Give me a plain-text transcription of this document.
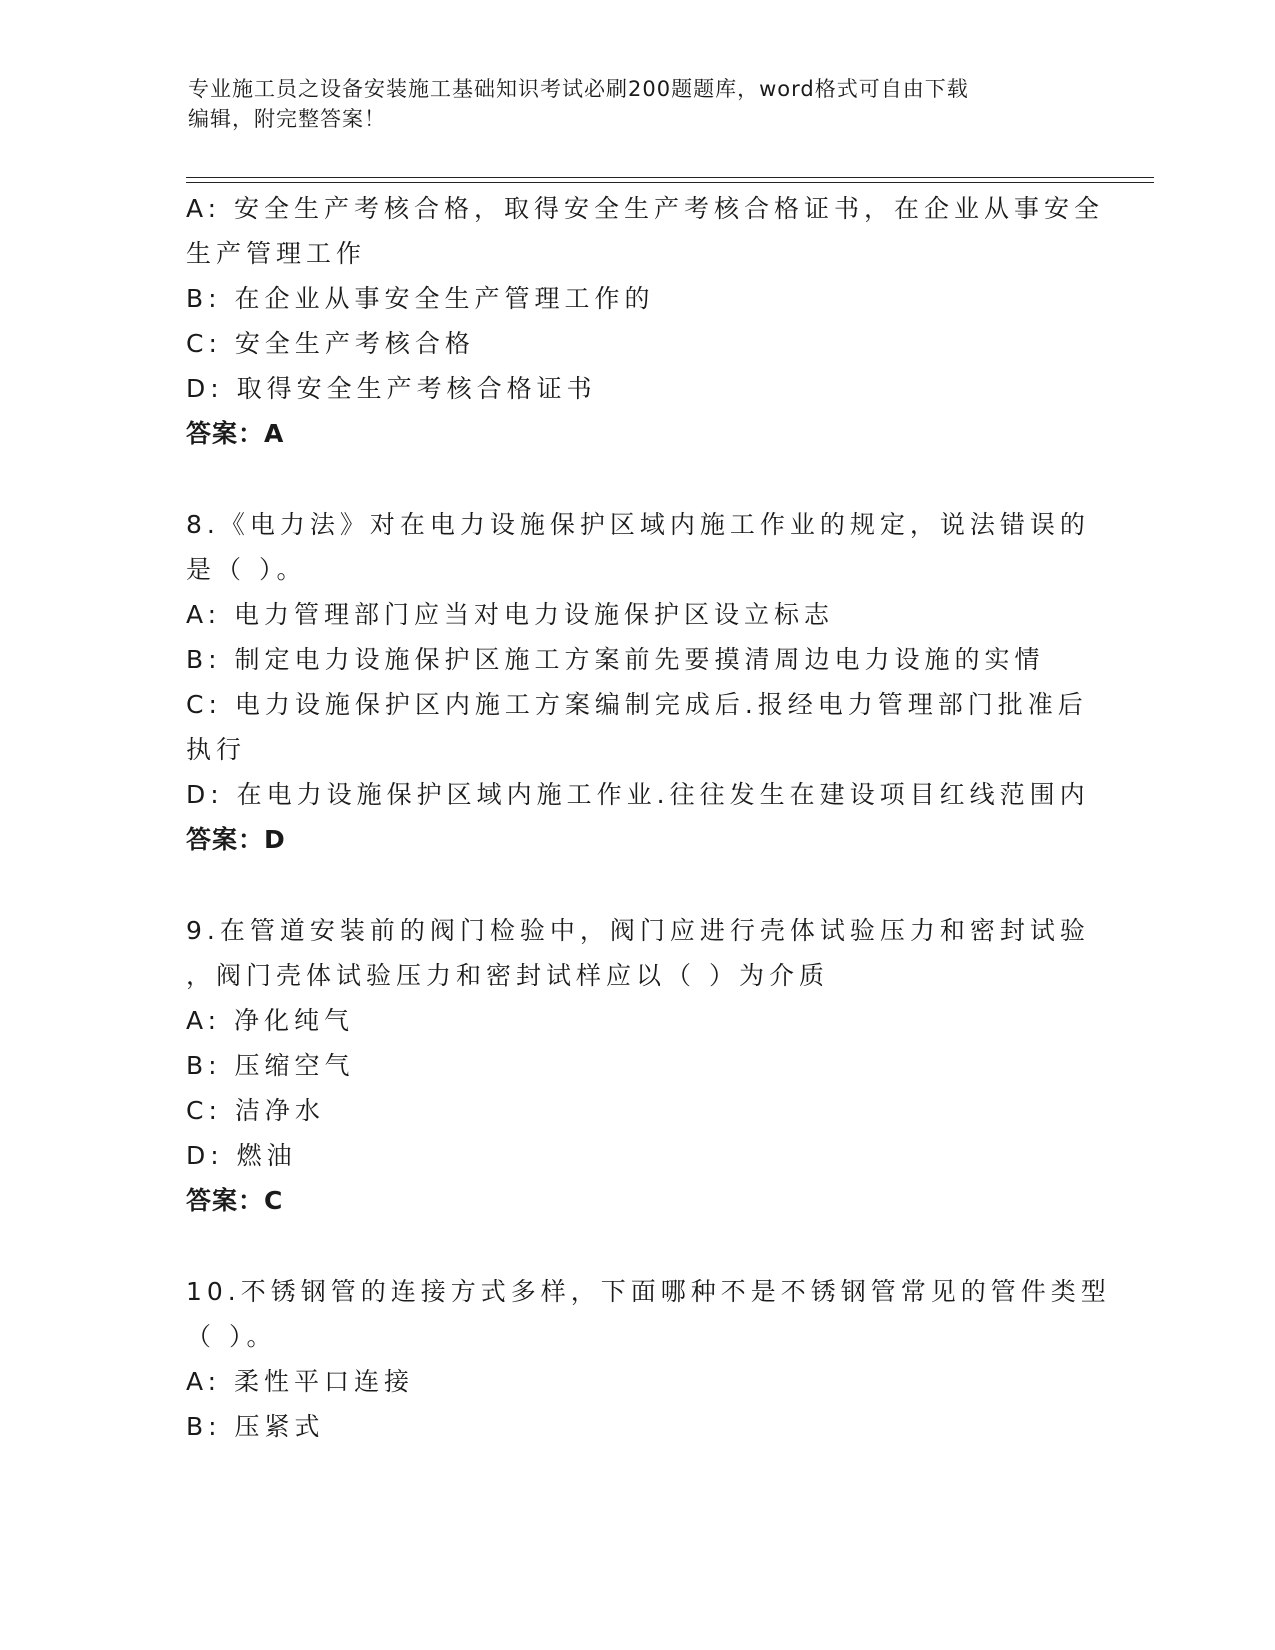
专业施工员之设备安装施工基础知识考试必刷200题题库，word格式可自由下载
编辑，附完整答案！
A: 安全生产考核合格，取得安全生产考核合格证书，在企业从事安全
生产管理工作
B: 在企业从事安全生产管理工作的
C: 安全生产考核合格
D: 取得安全生产考核合格证书
答案：A
8.《电力法》对在电力设施保护区域内施工作业的规定，说法错误的
是（ ）。
A: 电力管理部门应当对电力设施保护区设立标志
B: 制定电力设施保护区施工方案前先要摸清周边电力设施的实情
C: 电力设施保护区内施工方案编制完成后.报经电力管理部门批准后
执行
D: 在电力设施保护区域内施工作业.往往发生在建设项目红线范围内
答案：D
9.在管道安装前的阀门检验中，阀门应进行壳体试验压力和密封试验
，阀门壳体试验压力和密封试样应以（ ）为介质
A: 净化纯气
B: 压缩空气
C: 洁净水
D: 燃油
答案：C
10.不锈钢管的连接方式多样，下面哪种不是不锈钢管常见的管件类型
（ ）。
A: 柔性平口连接
B: 压紧式
